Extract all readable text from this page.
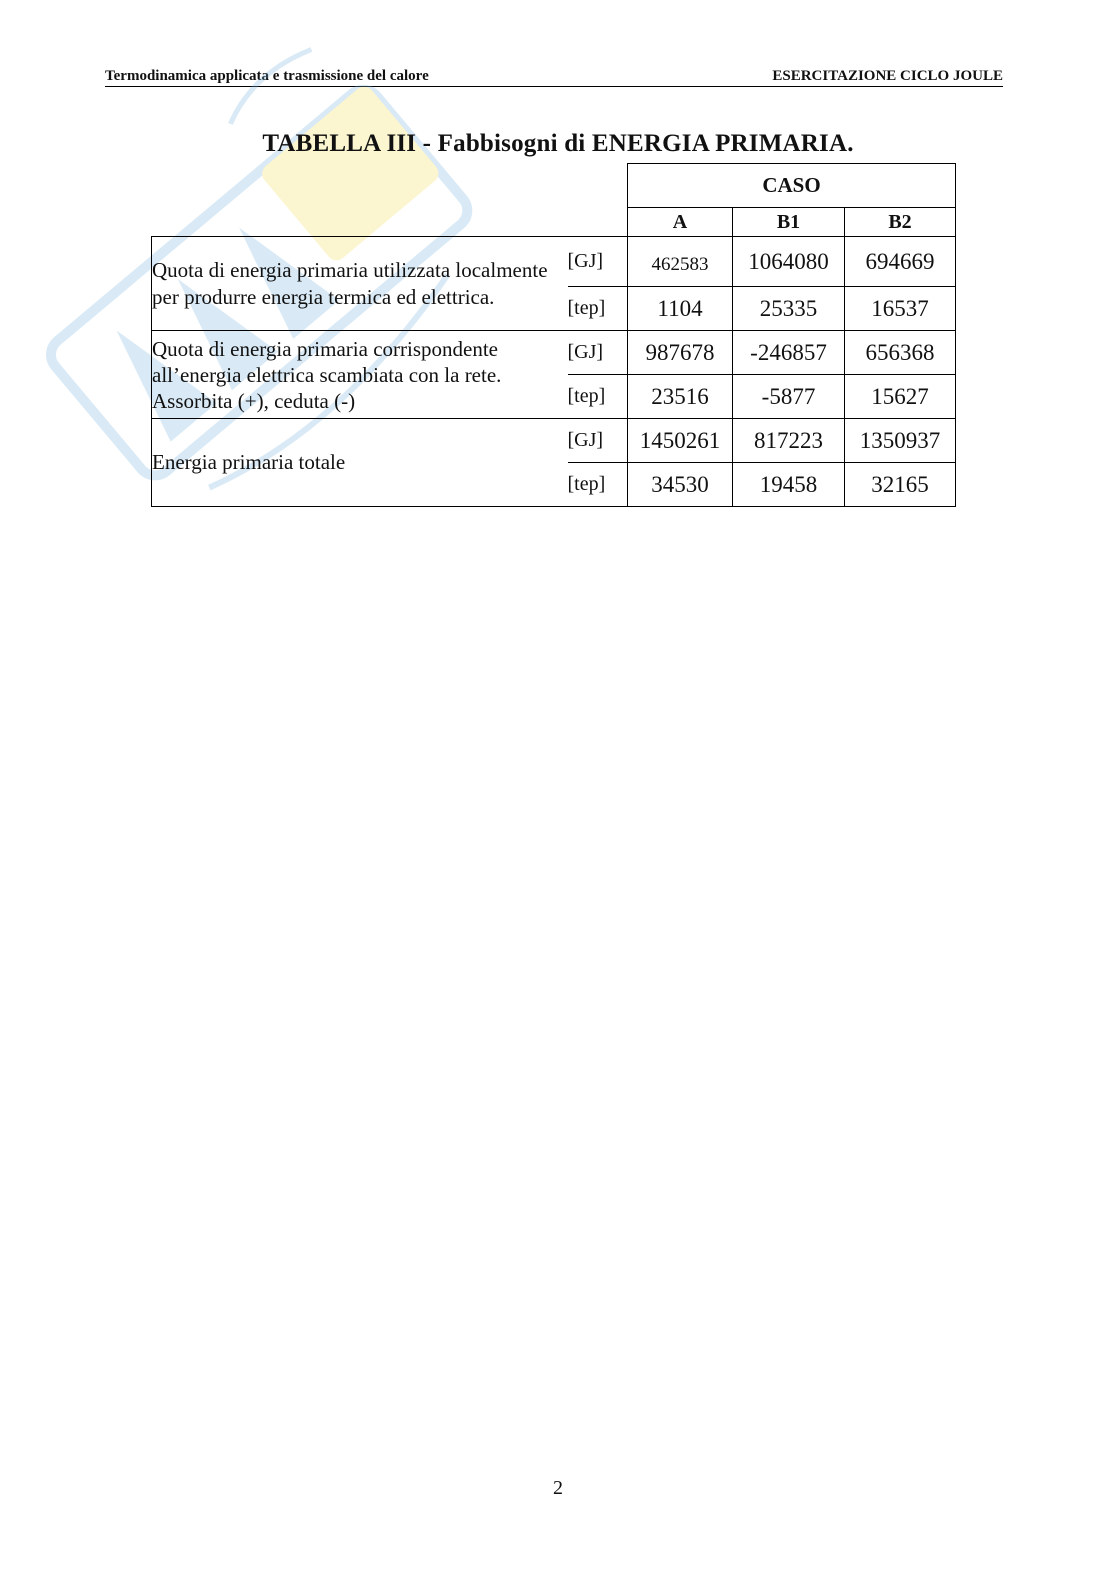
Termodinamica applicata e trasmissione del calore	ESERCITAZIONE CICLO JOULE
TABELLA III - Fabbisogni di ENERGIA PRIMARIA.
		CASO		
		A	B1	B2
Quota di energia primaria utilizzata localmente per produrre energia termica ed elettrica.	[GJ]	462583	1064080	694669
	[tep]	1104	25335	16537
Quota di energia primaria corrispondente all’energia elettrica scambiata con la rete. Assorbita (+), ceduta (-)	[GJ]	987678	-246857	656368
	[tep]	23516	-5877	15627
Energia primaria totale	[GJ]	1450261	817223	1350937
	[tep]	34530	19458	32165
2
